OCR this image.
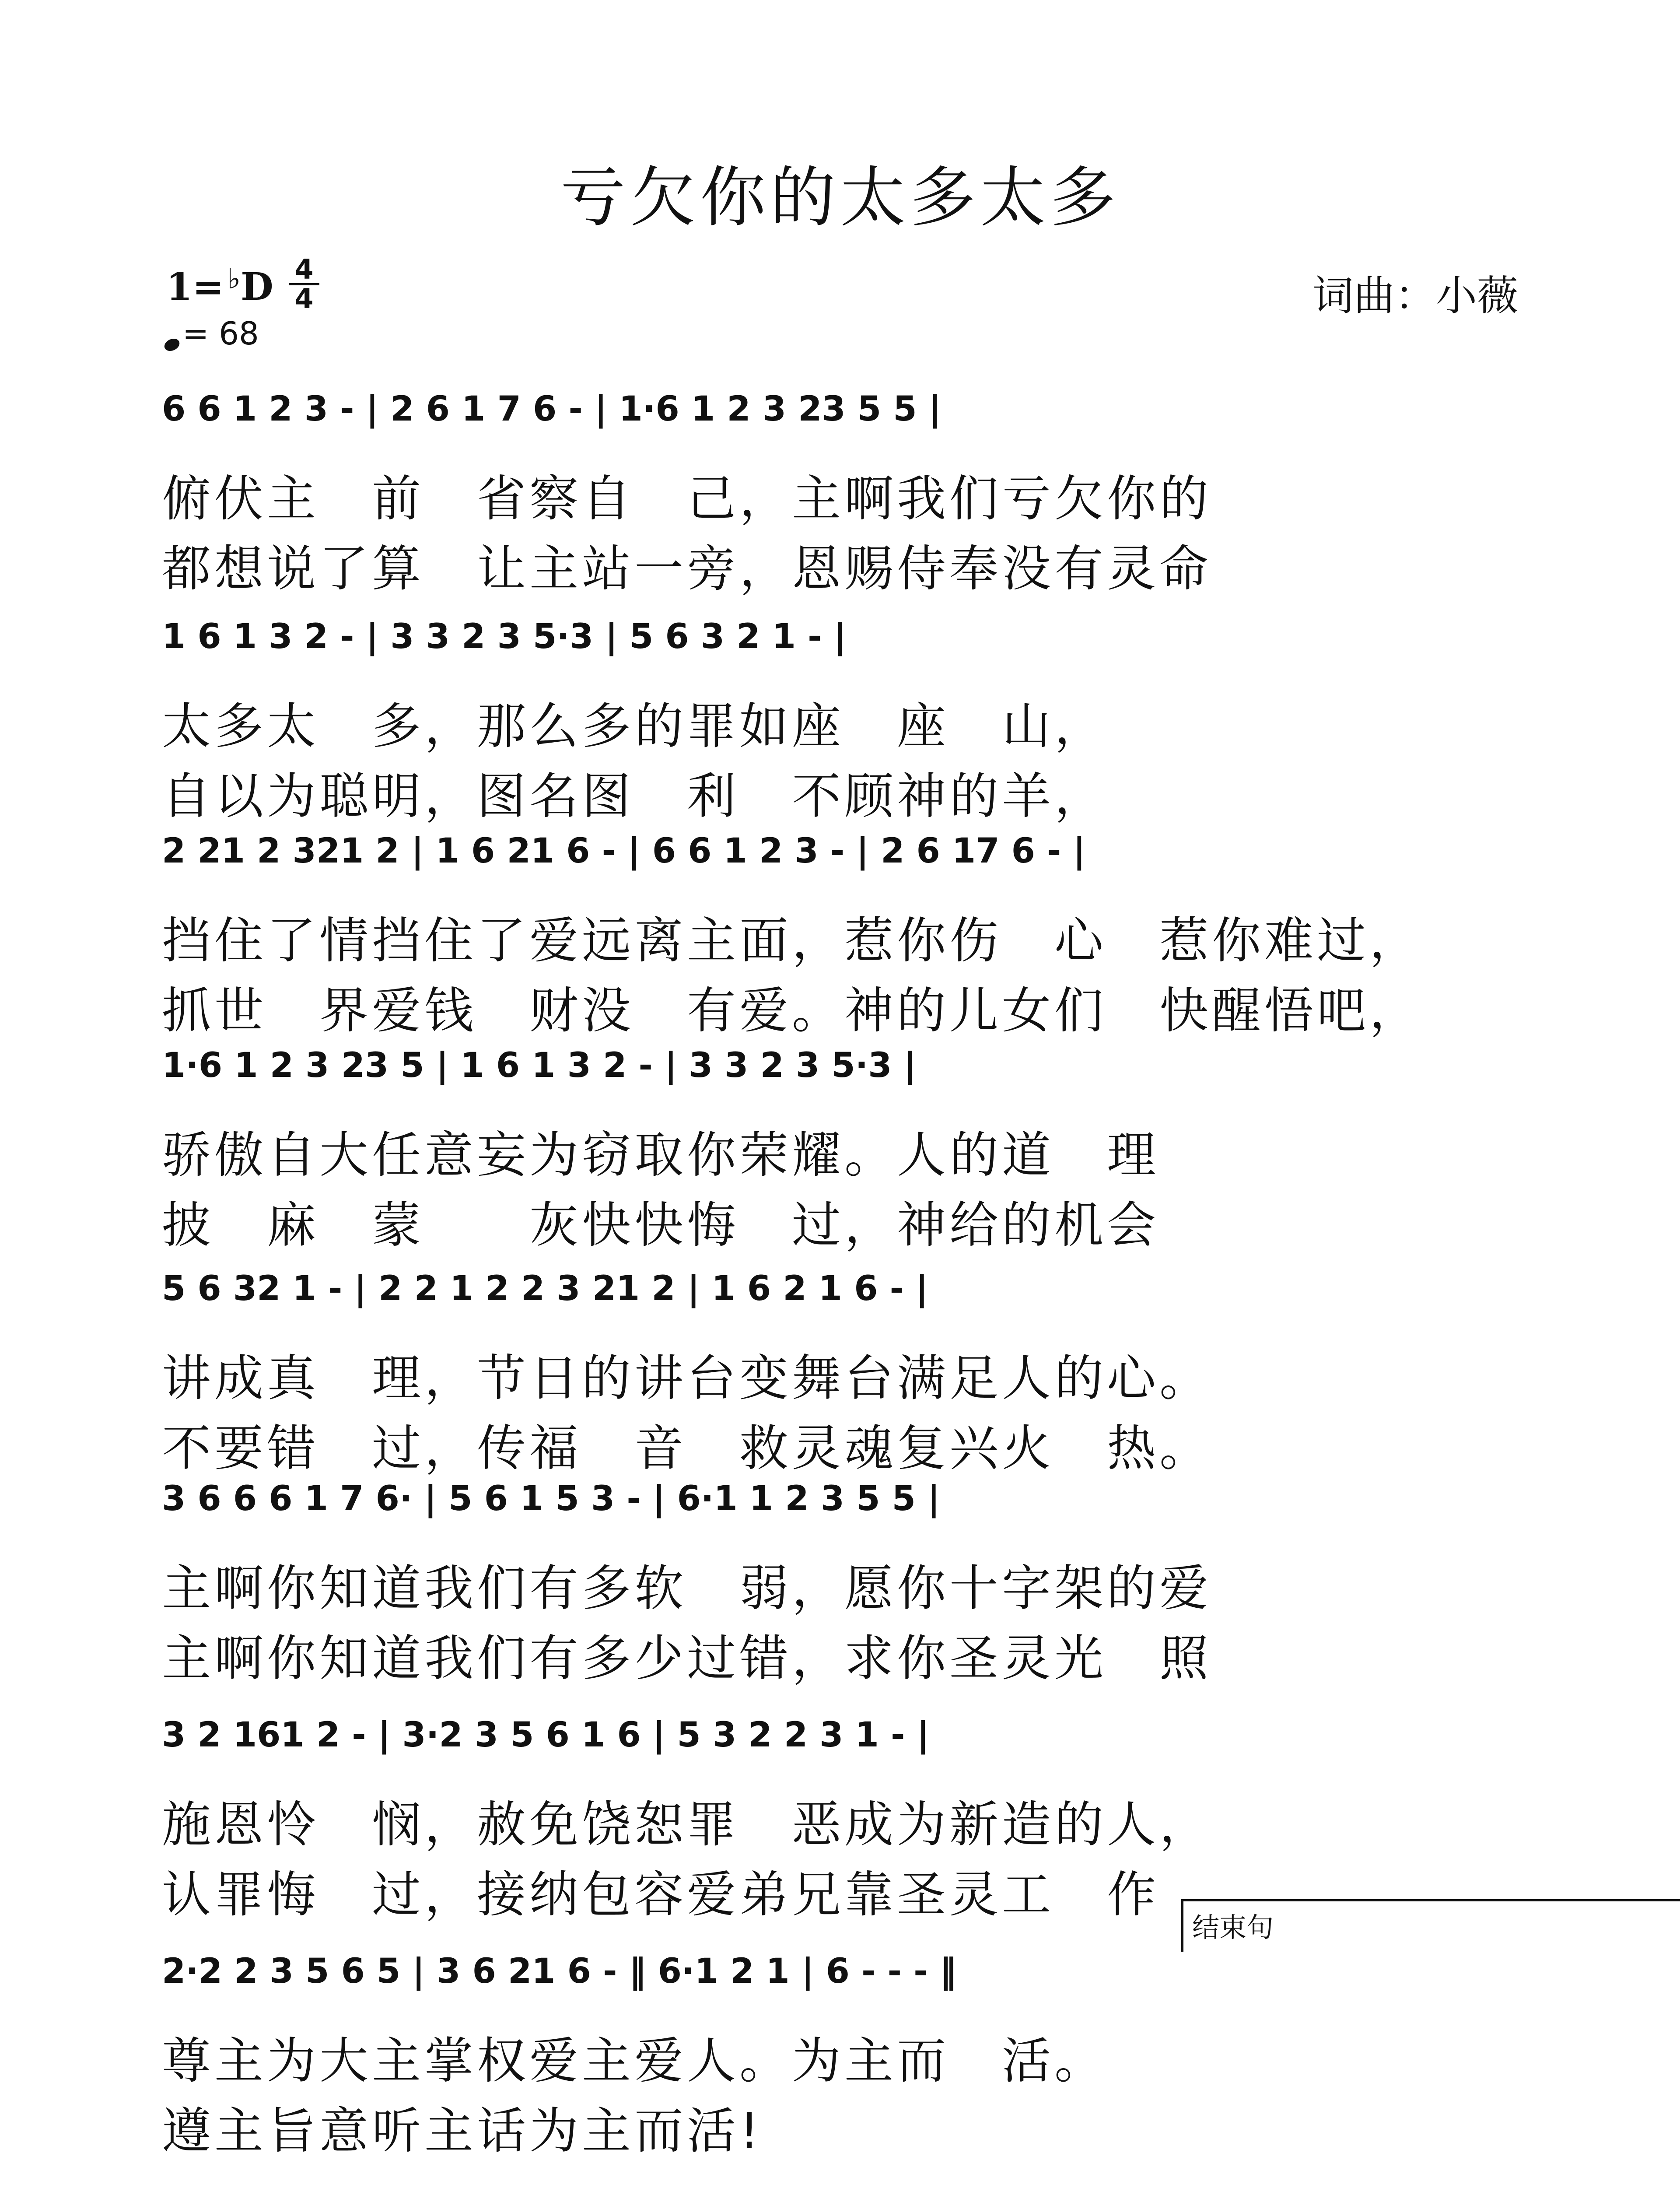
亏欠你的太多太多
1= ♭D 4
4
= 68
词曲：小薇
6 6 1 2 3 - | 2 6 1 7 6 - | 1·6 1 2 3 23 5 5 |
俯伏主　前　省察自　己，主啊我们亏欠你的
都想说了算　让主站一旁，恩赐侍奉没有灵命
1 6 1 3 2 - | 3 3 2 3 5·3 | 5 6 3 2 1 - |
太多太　多，那么多的罪如座　座　山，
自以为聪明，图名图　利　不顾神的羊，
2 21 2 321 2 | 1 6 21 6 - | 6 6 1 2 3 - | 2 6 17 6 - |
挡住了情挡住了爱远离主面，惹你伤　心　惹你难过，
抓世　界爱钱　财没　有爱。神的儿女们　快醒悟吧，
1·6 1 2 3 23 5 | 1 6 1 3 2 - | 3 3 2 3 5·3 |
骄傲自大任意妄为窃取你荣耀。人的道　理
披　麻　蒙　　灰快快悔　过，神给的机会
5 6 32 1 - | 2 2 1 2 2 3 21 2 | 1 6 2 1 6 - |
讲成真　理，节日的讲台变舞台满足人的心。
不要错　过，传福　音　救灵魂复兴火　热。
3 6 6 6 1 7 6· | 5 6 1 5 3 - | 6·1 1 2 3 5 5 |
主啊你知道我们有多软　弱，愿你十字架的爱
主啊你知道我们有多少过错，求你圣灵光　照
3 2 161 2 - | 3·2 3 5 6 1 6 | 5 3 2 2 3 1 - |
施恩怜　悯，赦免饶恕罪　恶成为新造的人，
认罪悔　过，接纳包容爱弟兄靠圣灵工　作
结束句
2·2 2 3 5 6 5 | 3 6 21 6 - ‖ 6·1 2 1 | 6 - - - ‖
尊主为大主掌权爱主爱人。为主而　活。
遵主旨意听主话为主而活!
